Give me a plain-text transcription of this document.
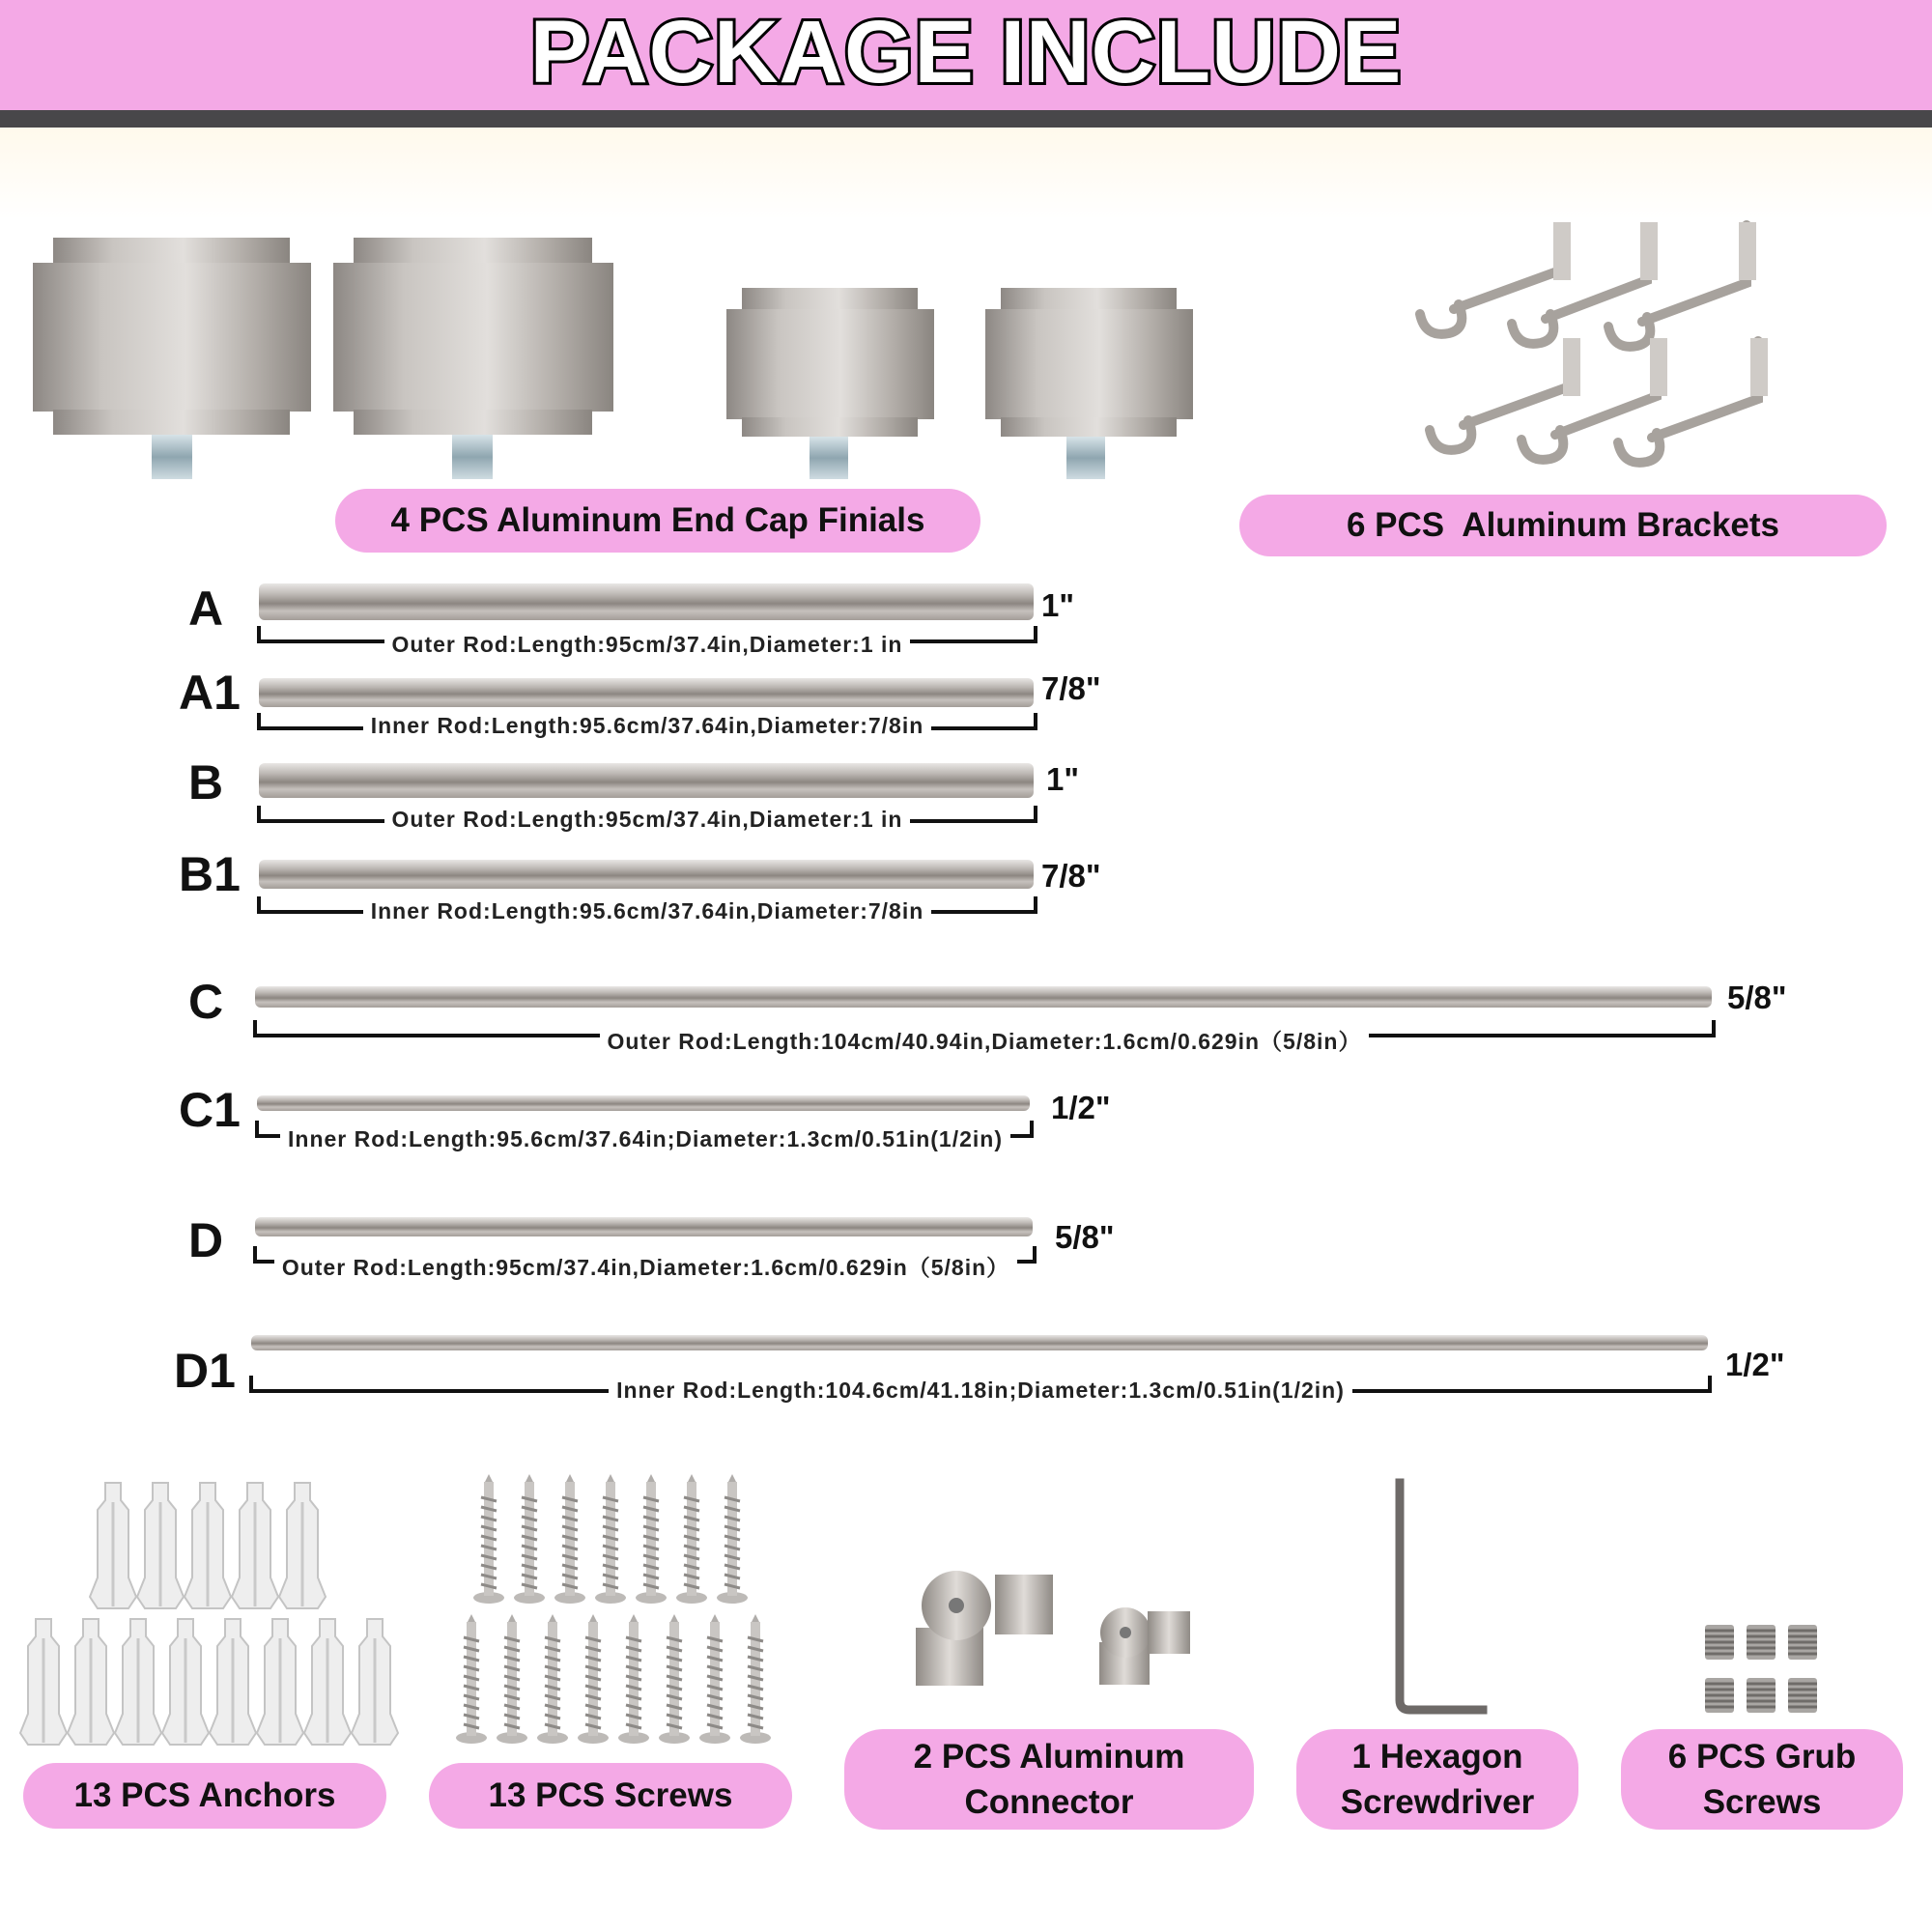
PACKAGE INCLUDE
4 PCS Aluminum End Cap Finials	6 PCS  Aluminum Brackets
A	1"
Outer Rod:Length:95cm/37.4in,Diameter:1 in
A1	7/8"
Inner Rod:Length:95.6cm/37.64in,Diameter:7/8in
B	1"
Outer Rod:Length:95cm/37.4in,Diameter:1 in
B1	7/8"
Inner Rod:Length:95.6cm/37.64in,Diameter:7/8in
C	5/8"
Outer Rod:Length:104cm/40.94in,Diameter:1.6cm/0.629in（5/8in）
C1	1/2"
Inner Rod:Length:95.6cm/37.64in;Diameter:1.3cm/0.51in(1/2in)
D	5/8"
Outer Rod:Length:95cm/37.4in,Diameter:1.6cm/0.629in（5/8in）
D1	1/2"
Inner Rod:Length:104.6cm/41.18in;Diameter:1.3cm/0.51in(1/2in)
13 PCS Anchors	13 PCS Screws
2 PCS Aluminum
Connector
1 Hexagon
Screwdriver
6 PCS Grub
Screws
